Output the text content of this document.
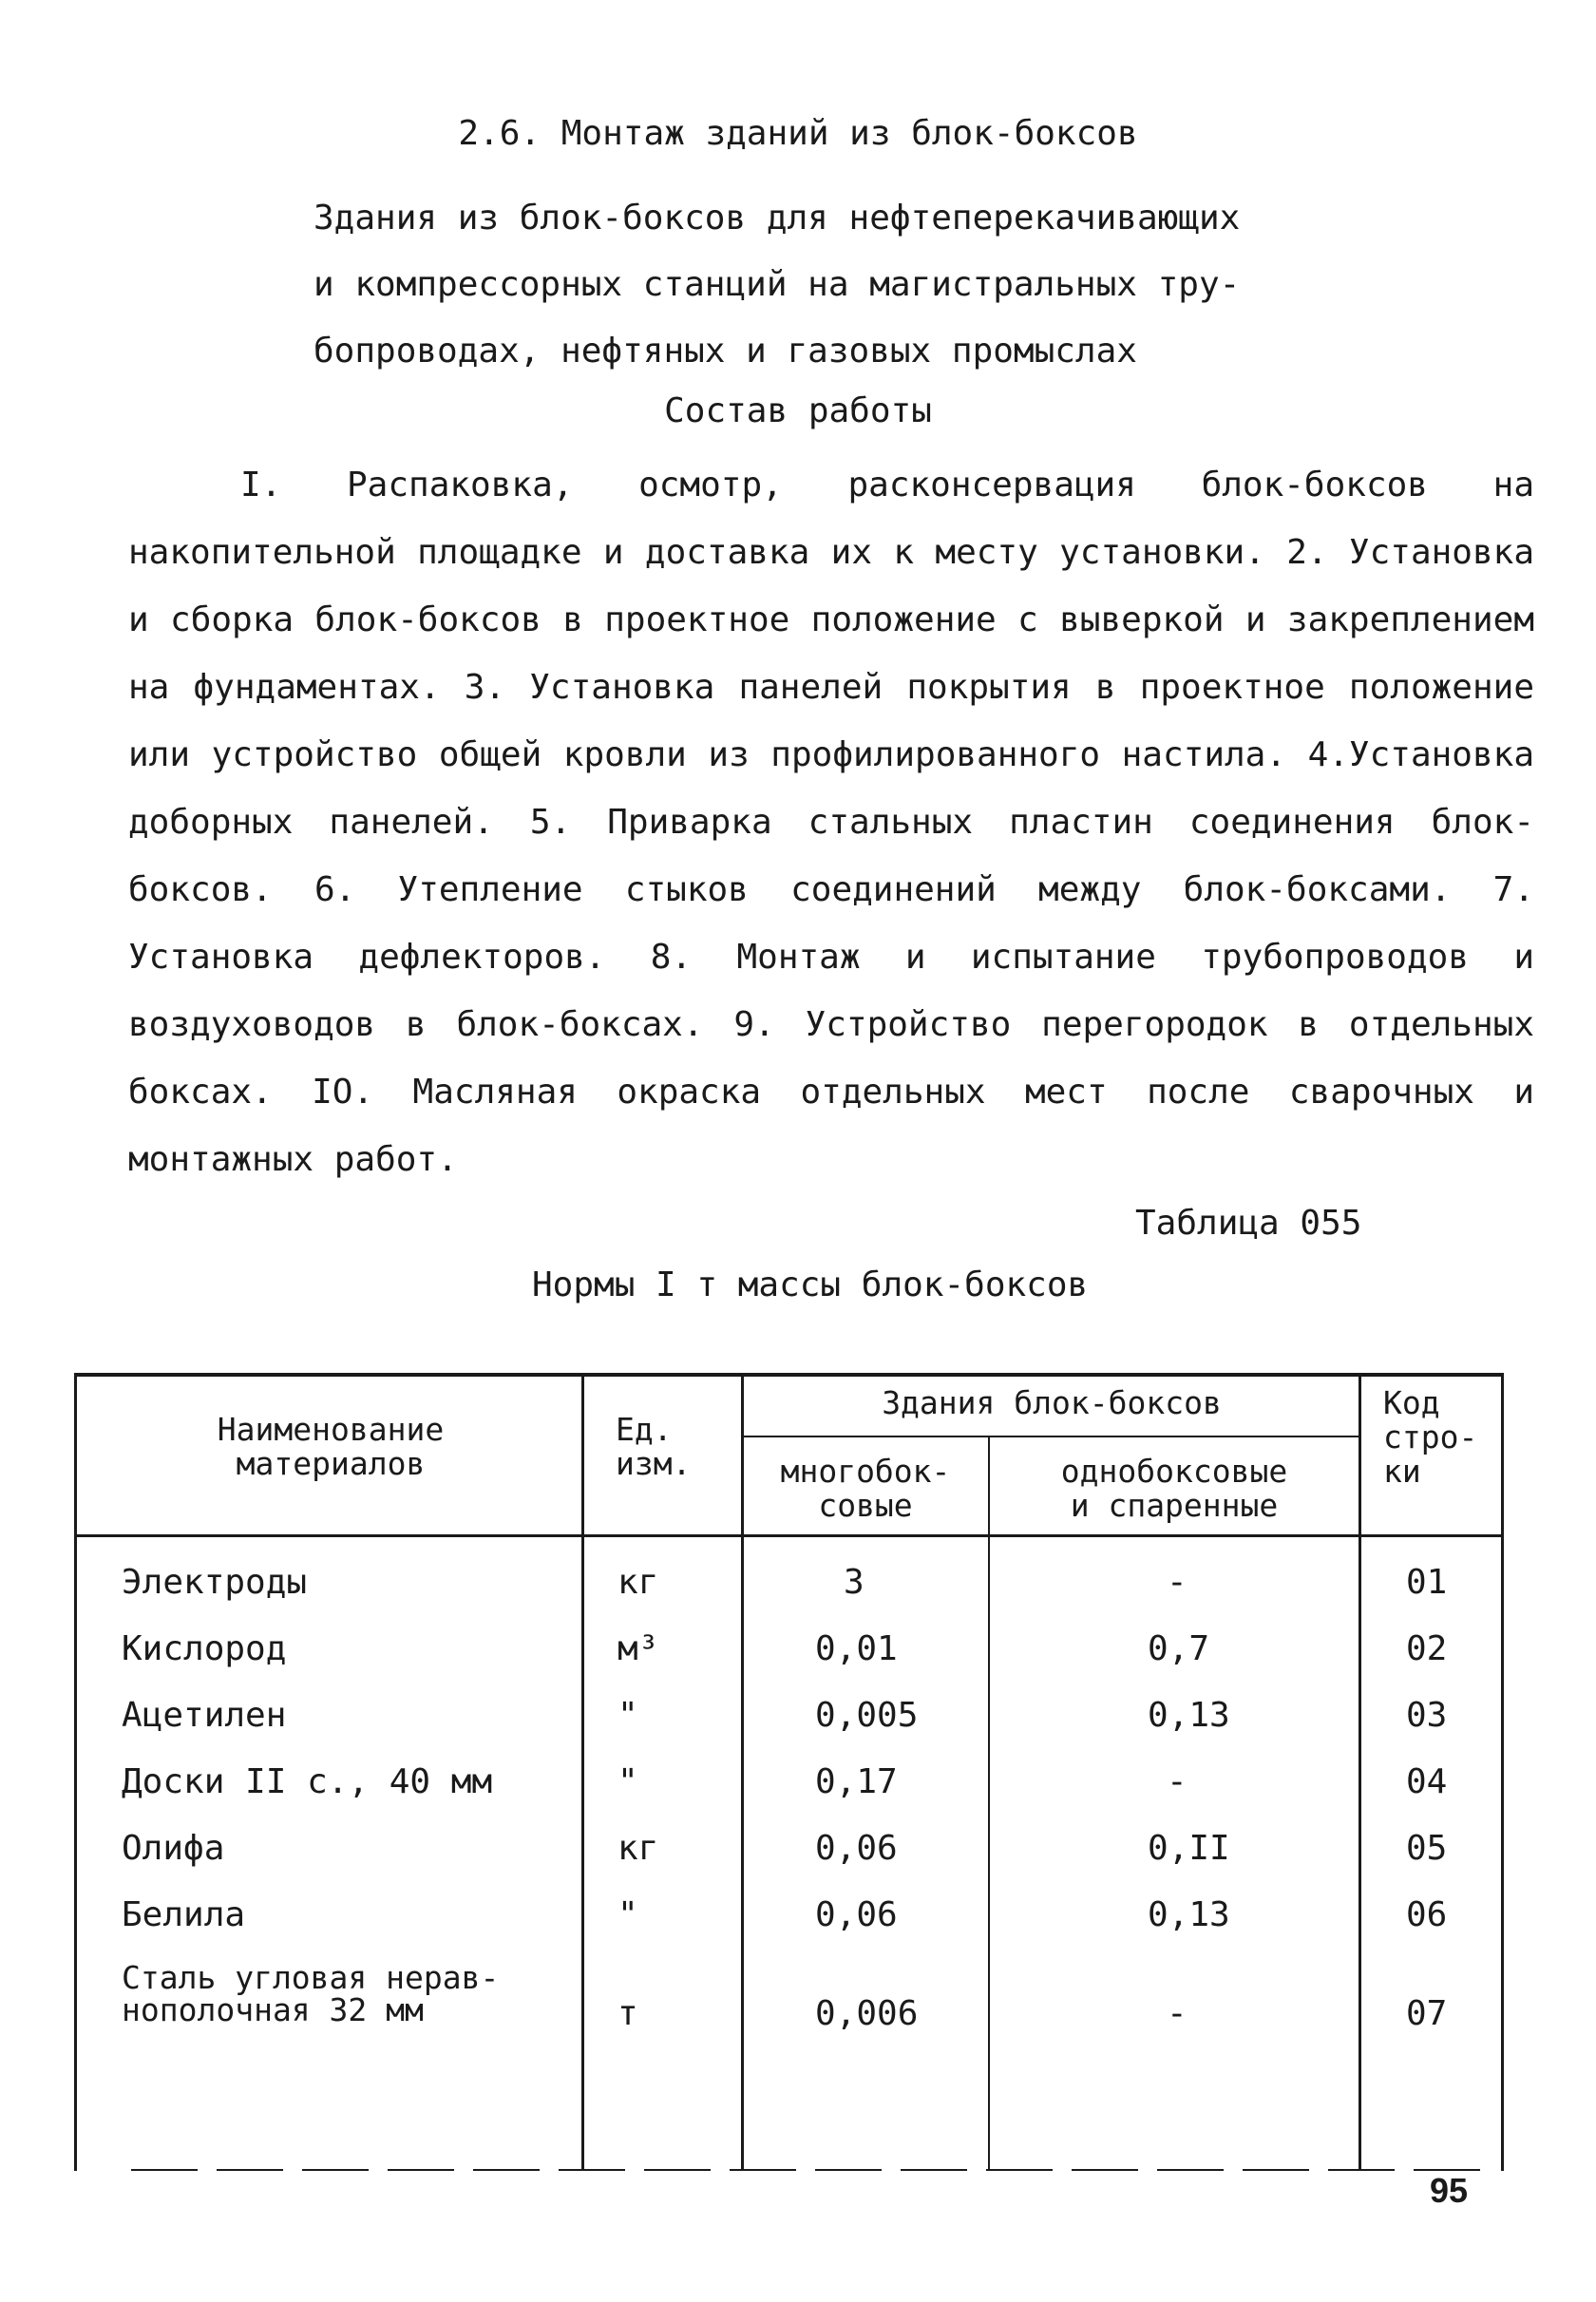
2.6. Монтаж зданий из блок-боксов
Здания из блок-боксов для нефтеперекачивающих
и компрессорных станций на магистральных тру-
бопроводах, нефтяных и газовых промыслах
Состав работы
I. Распаковка, осмотр, расконсервация блок-боксов на накопительной площадке и доставка их к месту установки. 2. Установка и сборка блок-боксов в проектное положение с выверкой и закреплением на фундаментах. 3. Установка панелей покрытия в проектное положение или устройство общей кровли из профилированного настила. 4.Установка доборных панелей. 5. Приварка стальных пластин соединения блок-боксов. 6. Утепление стыков соединений между блок-боксами. 7. Установка дефлекторов. 8. Монтаж и испытание трубопроводов и воздуховодов в блок-боксах. 9. Устройство перегородок в отдельных боксах. IO. Масляная окраска отдельных мест после сварочных и монтажных работ.
Таблица 055
Нормы I т массы блок-боксов
Наименование
материалов
Ед.
изм.
Здания блок-боксов
многобок-
совые
однобоксовые
и спаренные
Код
стро-
ки
Электроды	кг	3	-	01
Кислород	м³	0,01	0,7	02
Ацетилен	"	0,005	0,13	03
Доски II с., 40 мм	"	0,17	-	04
Олифа	кг	0,06	0,II	05
Белила	"	0,06	0,13	06
Сталь угловая нерав-
нополочная 32 мм	т	0,006	-	07
95
